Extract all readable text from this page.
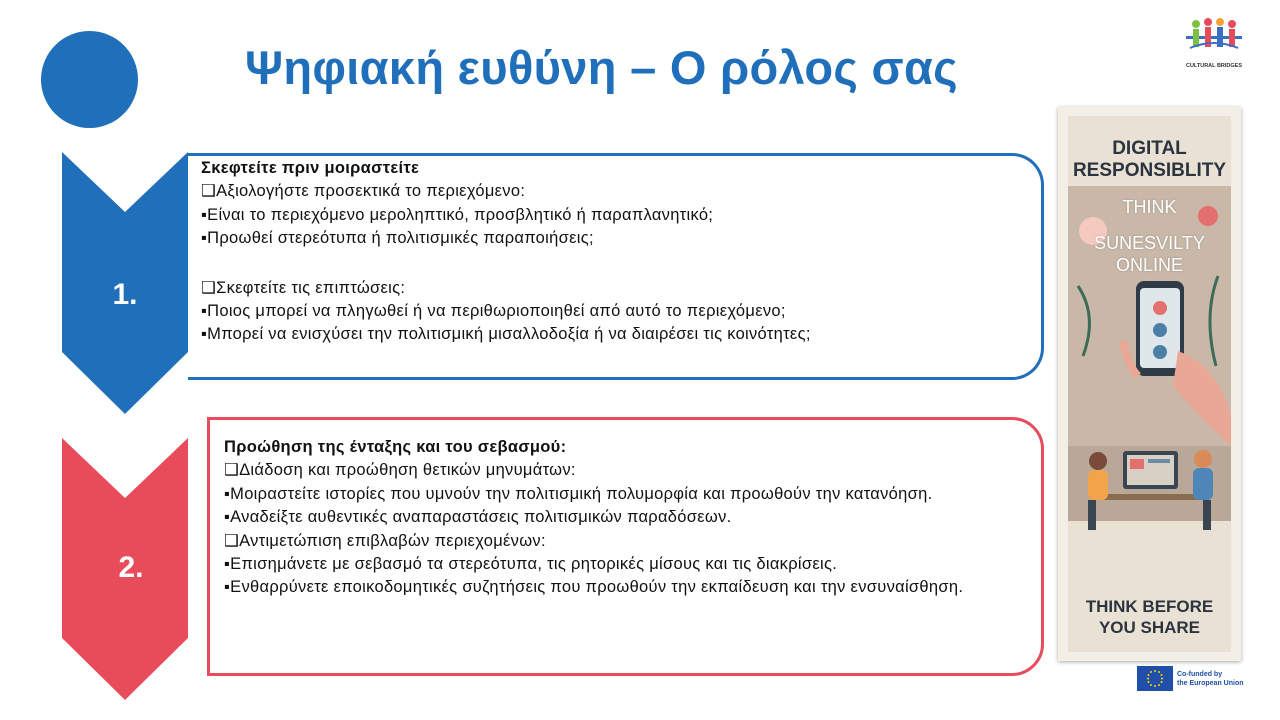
Ψηφιακή ευθύνη – Ο ρόλος σας	CULTURAL BRIDGES
1.
Σκεφτείτε πριν μοιραστείτε
❑Αξιολογήστε προσεκτικά το περιεχόμενο:
▪Είναι το περιεχόμενο μεροληπτικό, προσβλητικό ή παραπλανητικό;
▪Προωθεί στερεότυπα ή πολιτισμικές παραποιήσεις;
❑Σκεφτείτε τις επιπτώσεις:
▪Ποιος μπορεί να πληγωθεί ή να περιθωριοποιηθεί από αυτό το περιεχόμενο;
▪Μπορεί να ενισχύσει την πολιτισμική μισαλλοδοξία ή να διαιρέσει τις κοινότητες;
2.
Προώθηση της ένταξης και του σεβασμού:
❑Διάδοση και προώθηση θετικών μηνυμάτων:
▪Μοιραστείτε ιστορίες που υμνούν την πολιτισμική πολυμορφία και προωθούν την κατανόηση.
▪Αναδείξτε αυθεντικές αναπαραστάσεις πολιτισμικών παραδόσεων.
❑Αντιμετώπιση επιβλαβών περιεχομένων:
▪Επισημάνετε με σεβασμό τα στερεότυπα, τις ρητορικές μίσους και τις διακρίσεις.
▪Ενθαρρύνετε εποικοδομητικές συζητήσεις που προωθούν την εκπαίδευση και την ενσυναίσθηση.
DIGITAL
RESPONSIBLITY
THINK
SUNESVILTY
ONLINE
THINK BEFORE
YOU SHARE
Co-funded by
the European Union
